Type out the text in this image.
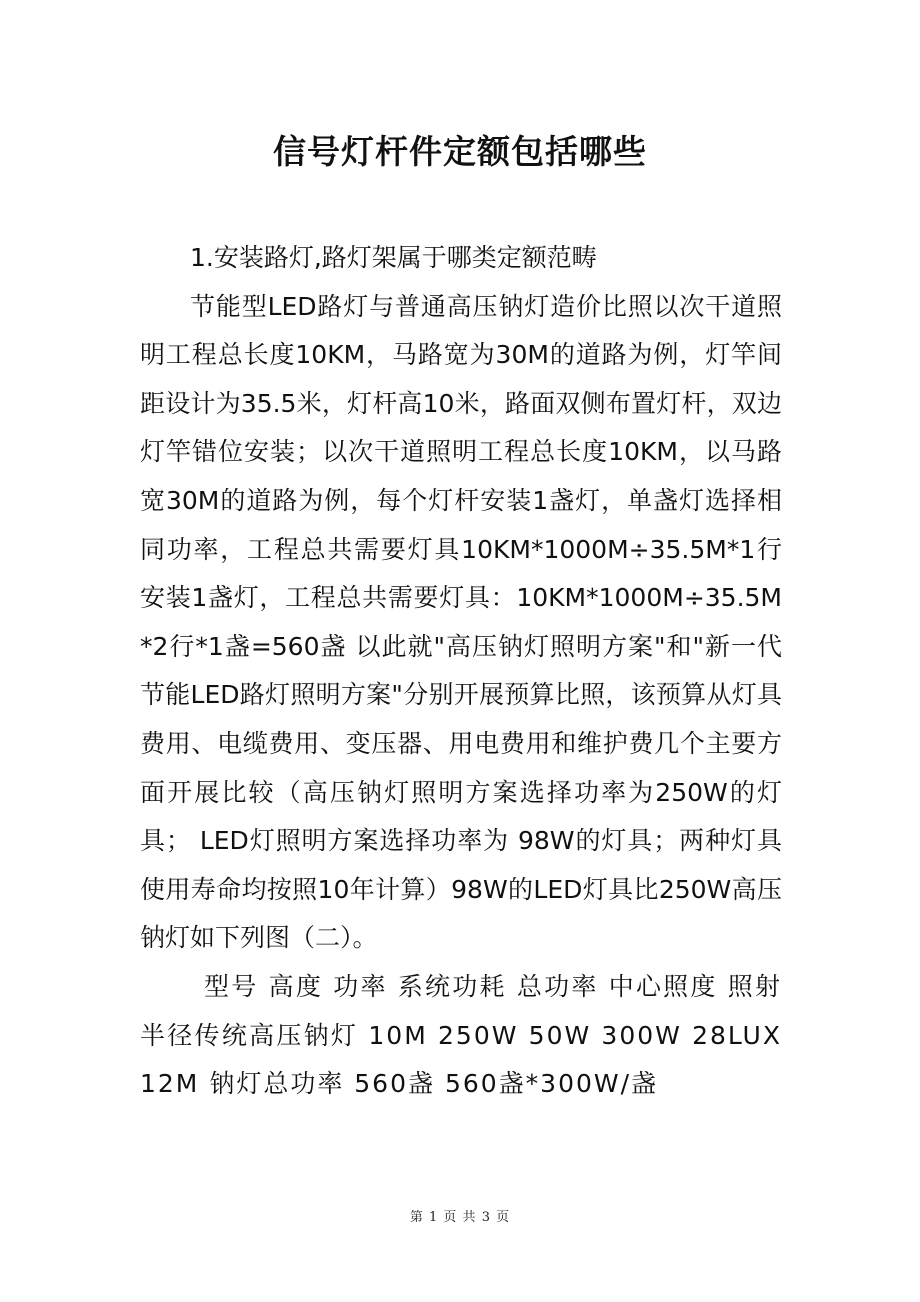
信号灯杆件定额包括哪些

1.安装路灯,路灯架属于哪类定额范畴

节能型LED路灯与普通高压钠灯造价比照以次干道照明工程总长度10KM，马路宽为30M的道路为例，灯竿间距设计为35.5米，灯杆高10米，路面双侧布置灯杆，双边灯竿错位安装；以次干道照明工程总长度10KM，以马路宽30M的道路为例，每个灯杆安装1盏灯，单盏灯选择相同功率，工程总共需要灯具10KM*1000M÷35.5M*1行安装1盏灯，工程总共需要灯具：10KM*1000M÷35.5M*2行*1盏=560盏 以此就"高压钠灯照明方案"和"新一代节能LED路灯照明方案"分别开展预算比照，该预算从灯具费用、电缆费用、变压器、用电费用和维护费几个主要方面开展比较（高压钠灯照明方案选择功率为250W的灯具； LED灯照明方案选择功率为 98W的灯具；两种灯具使用寿命均按照10年计算）98W的LED灯具比250W高压钠灯如下列图（二）。

型号 高度 功率 系统功耗 总功率 中心照度 照射半径传统高压钠灯 10M 250W 50W 300W 28LUX 12M 钠灯总功率 560盏 560盏*300W/盏

第 1 页 共 3 页
